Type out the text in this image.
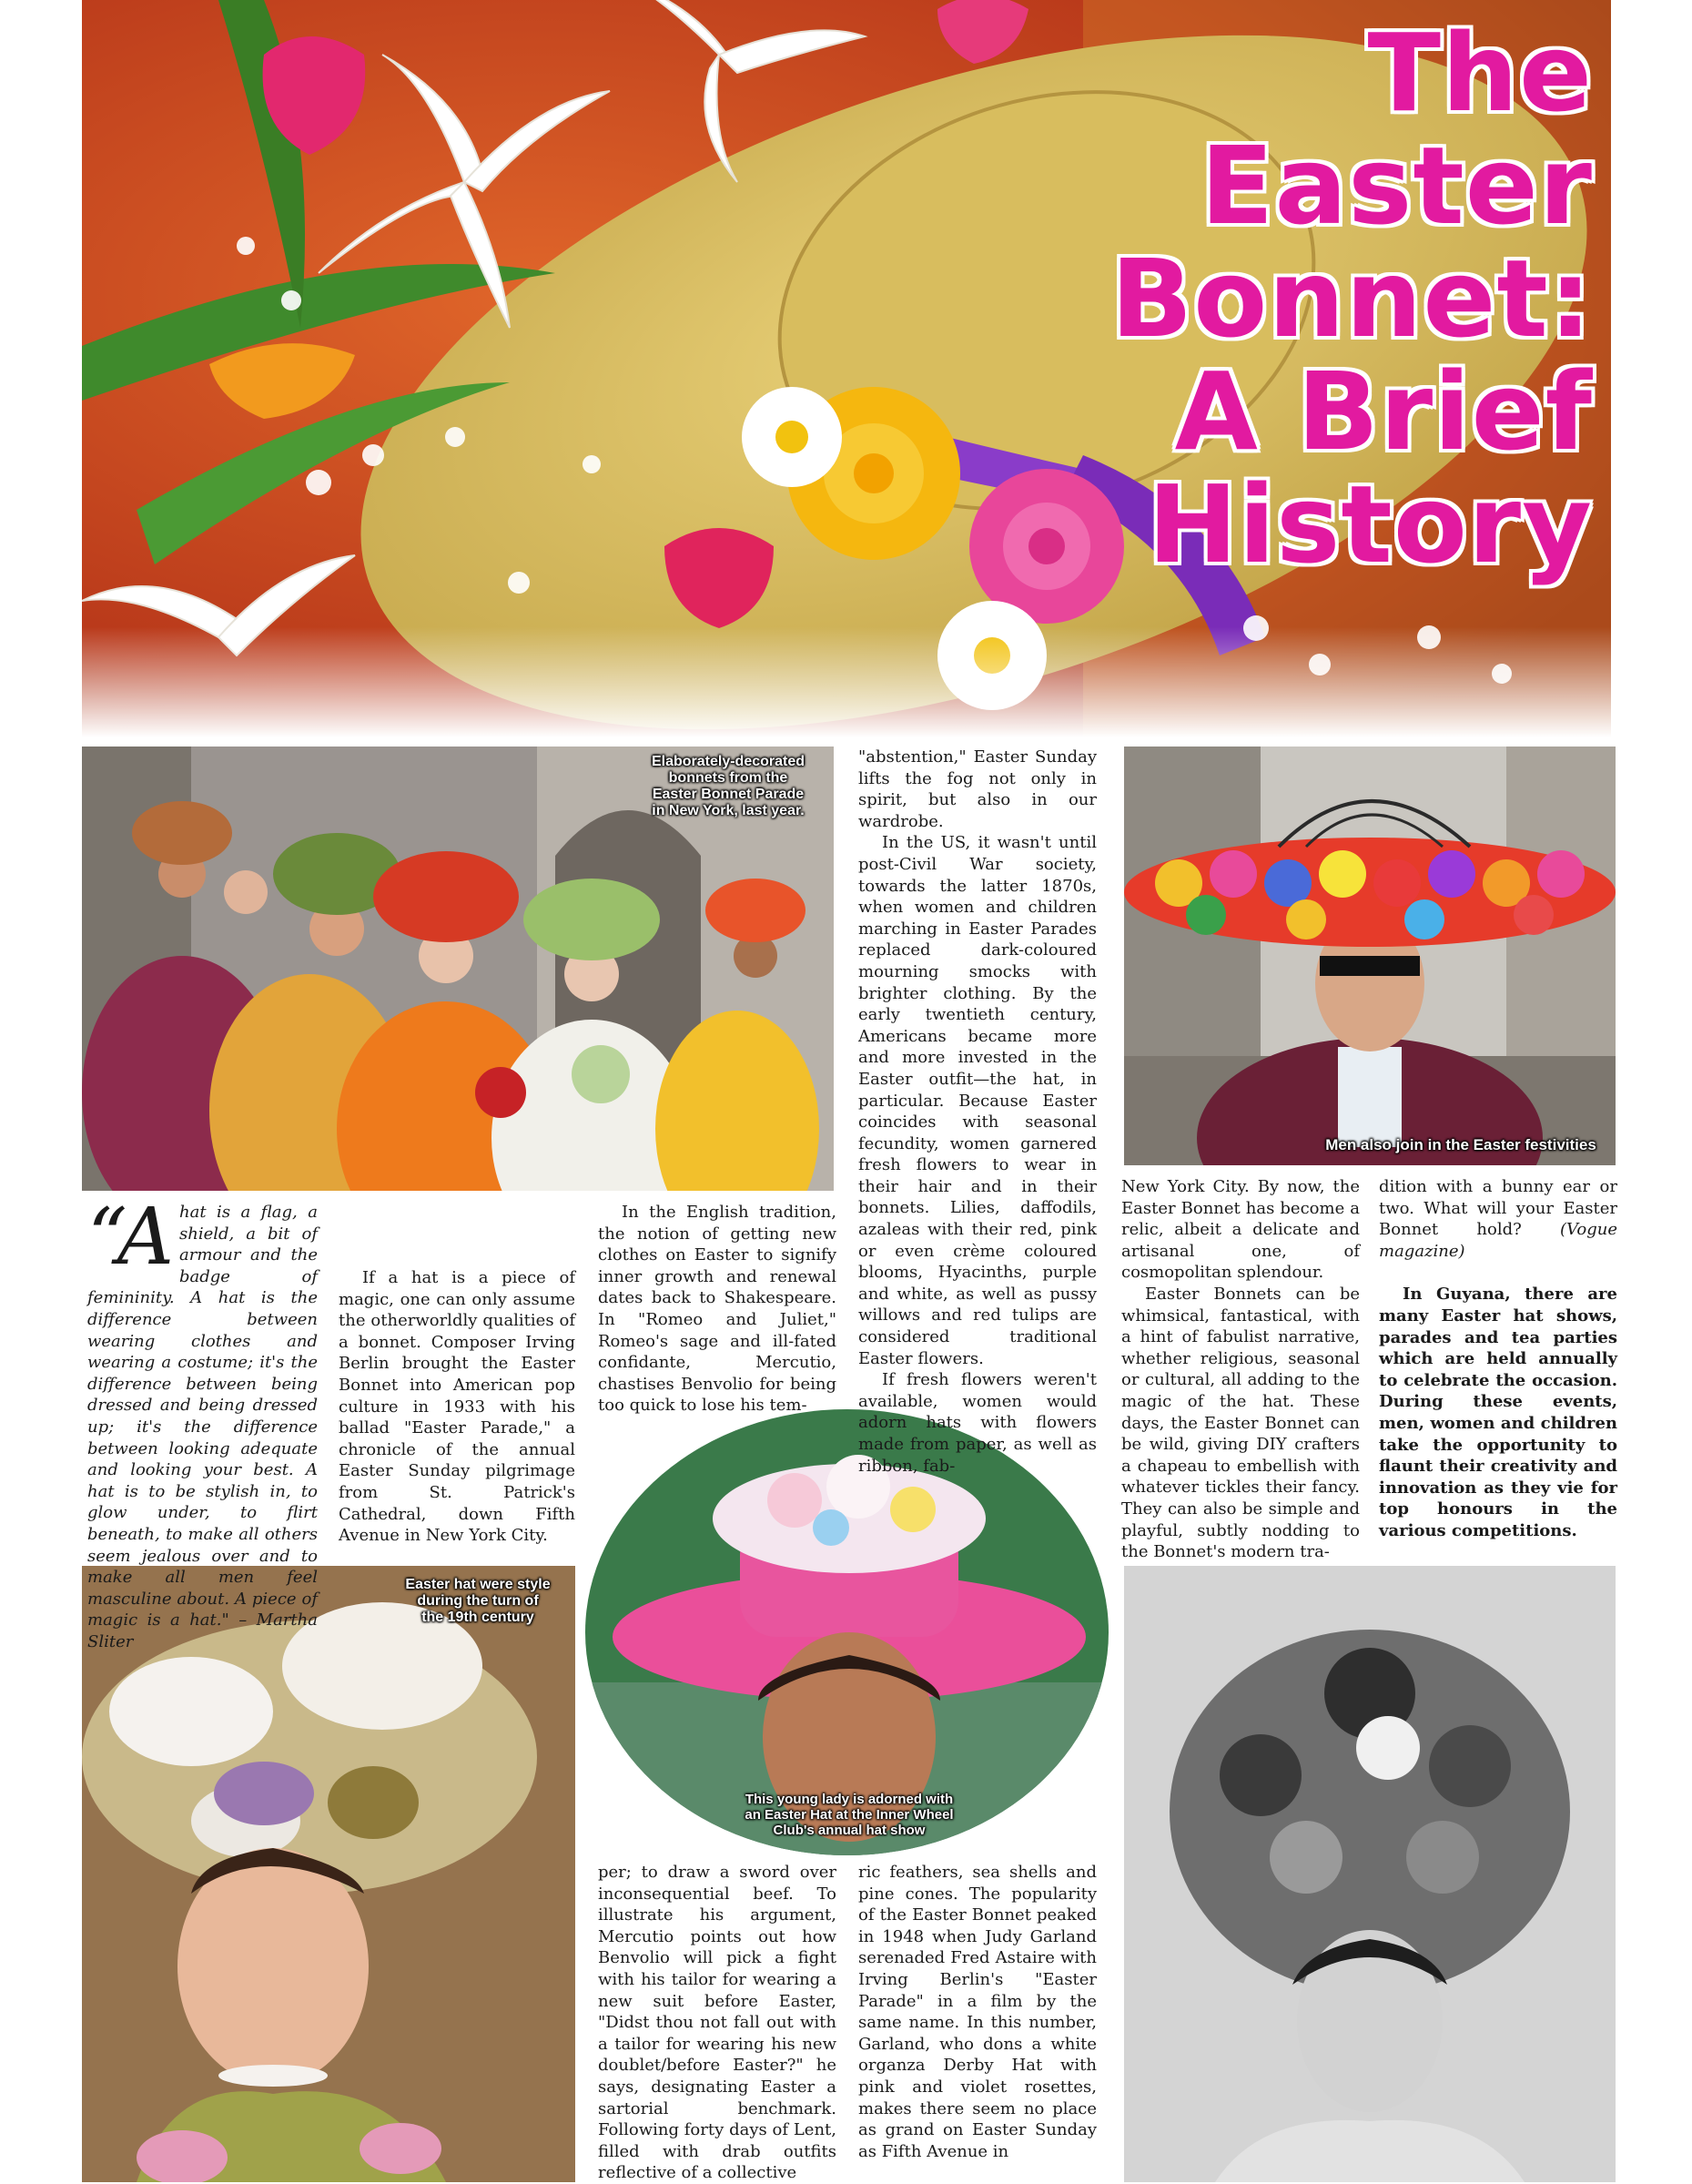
The Easter
Bonnet:
A Brief
History
Elaborately-decorated bonnets from the Easter Bonnet Parade in New York, last year.
Men also join in the Easter festivities
Easter hat were style during the turn of the 19th century
This young lady is adorned with an Easter Hat at the Inner Wheel Club's annual hat show
“A hat is a flag, a shield, a bit of armour and the badge of femininity. A hat is the difference between wearing clothes and wearing a costume; it's the difference between being dressed and being dressed up; it's the difference between looking adequate and looking your best. A hat is to be stylish in, to glow under, to flirt beneath, to make all others seem jealous over and to make all men feel masculine about. A piece of magic is a hat." – Martha Sliter

If a hat is a piece of magic, one can only assume the otherworldly qualities of a bonnet. Composer Irving Berlin brought the Easter Bonnet into American pop culture in 1933 with his ballad "Easter Parade," a chronicle of the annual Easter Sunday pilgrimage from St. Patrick's Cathedral, down Fifth Avenue in New York City.

In the English tradition, the notion of getting new clothes on Easter to signify inner growth and renewal dates back to Shakespeare. In "Romeo and Juliet," Romeo's sage and ill-fated confidante, Mercutio, chastises Benvolio for being too quick to lose his tem-

"abstention," Easter Sunday lifts the fog not only in spirit, but also in our wardrobe.

In the US, it wasn't until post-Civil War society, towards the latter 1870s, when women and children marching in Easter Parades replaced dark-coloured mourning smocks with brighter clothing. By the early twentieth century, Americans became more and more invested in the Easter outfit—the hat, in particular. Because Easter coincides with seasonal fecundity, women garnered fresh flowers to wear in their hair and in their bonnets. Lilies, daffodils, azaleas with their red, pink or even crème coloured blooms, Hyacinths, purple and white, as well as pussy willows and red tulips are considered traditional Easter flowers.

If fresh flowers weren't available, women would adorn hats with flowers made from paper, as well as ribbon, fab-

per; to draw a sword over inconsequential beef. To illustrate his argument, Mercutio points out how Benvolio will pick a fight with his tailor for wearing a new suit before Easter, "Didst thou not fall out with a tailor for wearing his new doublet/before Easter?" he says, designating Easter a sartorial benchmark. Following forty days of Lent, filled with drab outfits reflective of a collective

ric feathers, sea shells and pine cones. The popularity of the Easter Bonnet peaked in 1948 when Judy Garland serenaded Fred Astaire with Irving Berlin's "Easter Parade" in a film by the same name. In this number, Garland, who dons a white organza Derby Hat with pink and violet rosettes, makes there seem no place as grand on Easter Sunday as Fifth Avenue in

New York City. By now, the Easter Bonnet has become a relic, albeit a delicate and artisanal one, of cosmopolitan splendour.

Easter Bonnets can be whimsical, fantastical, with a hint of fabulist narrative, whether religious, seasonal or cultural, all adding to the magic of the hat. These days, the Easter Bonnet can be wild, giving DIY crafters a chapeau to embellish with whatever tickles their fancy. They can also be simple and playful, subtly nodding to the Bonnet's modern tra-

dition with a bunny ear or two. What will your Easter Bonnet hold? (Vogue magazine)

In Guyana, there are many Easter hat shows, parades and tea parties which are held annually to celebrate the occasion. During these events, men, women and children take the opportunity to flaunt their creativity and innovation as they vie for top honours in the various competitions.
